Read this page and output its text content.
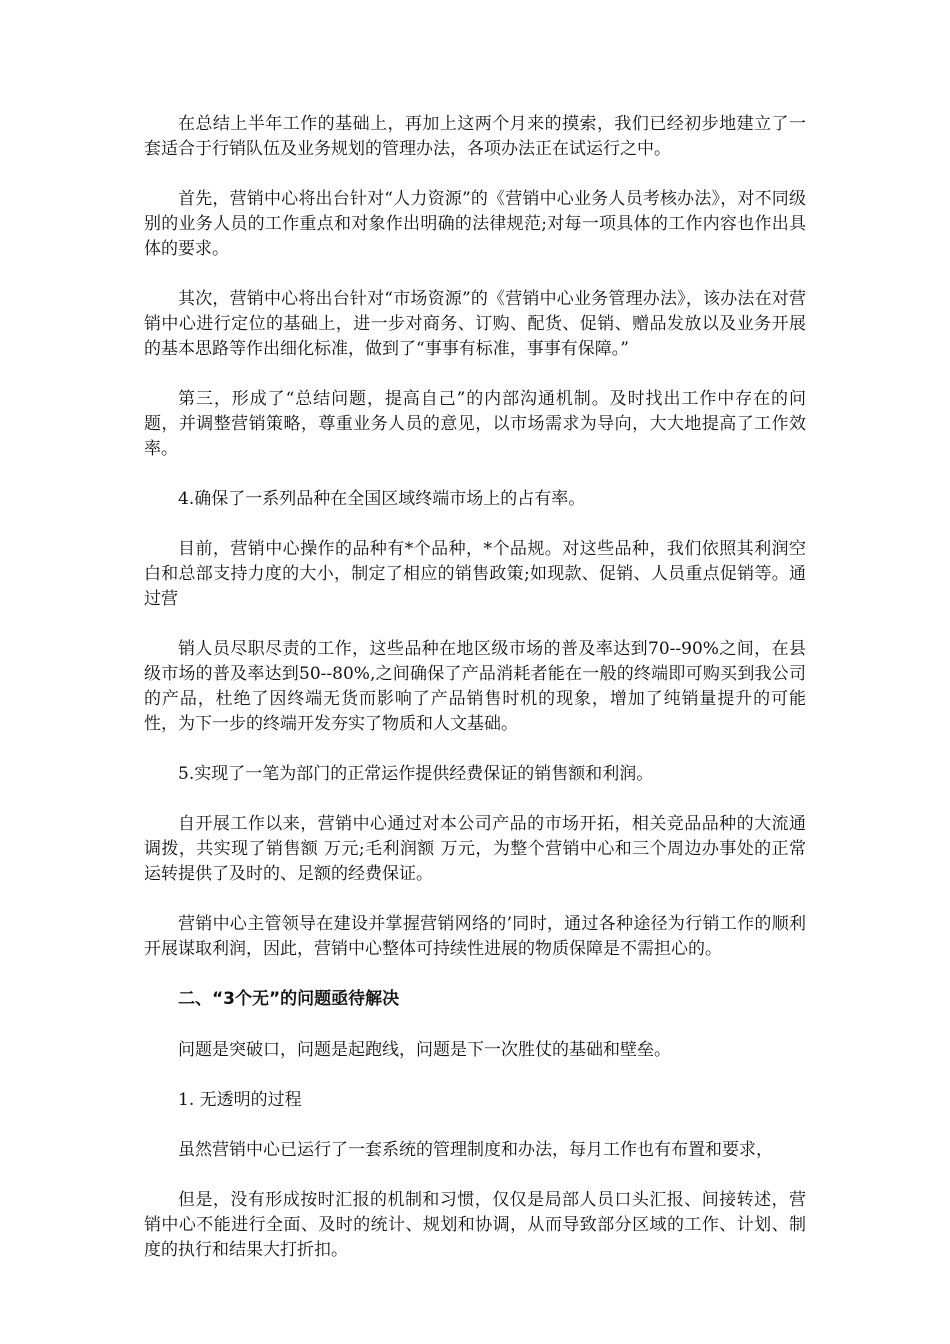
在总结上半年工作的基础上，再加上这两个月来的摸索，我们已经初步地建立了一套适合于行销队伍及业务规划的管理办法，各项办法正在试运行之中。

首先，营销中心将出台针对“人力资源”的《营销中心业务人员考核办法》，对不同级别的业务人员的工作重点和对象作出明确的法律规范;对每一项具体的工作内容也作出具体的要求。

其次，营销中心将出台针对“市场资源”的《营销中心业务管理办法》，该办法在对营销中心进行定位的基础上，进一步对商务、订购、配货、促销、赠品发放以及业务开展的基本思路等作出细化标准，做到了“事事有标准，事事有保障。”

第三，形成了“总结问题，提高自己”的内部沟通机制。及时找出工作中存在的问题，并调整营销策略，尊重业务人员的意见，以市场需求为导向，大大地提高了工作效率。

4.确保了一系列品种在全国区域终端市场上的占有率。

目前，营销中心操作的品种有*个品种，*个品规。对这些品种，我们依照其利润空白和总部支持力度的大小，制定了相应的销售政策;如现款、促销、人员重点促销等。通过营

销人员尽职尽责的工作，这些品种在地区级市场的普及率达到70--90%之间，在县级市场的普及率达到50--80%,之间确保了产品消耗者能在一般的终端即可购买到我公司的产品，杜绝了因终端无货而影响了产品销售时机的现象，增加了纯销量提升的可能性，为下一步的终端开发夯实了物质和人文基础。

5.实现了一笔为部门的正常运作提供经费保证的销售额和利润。

自开展工作以来，营销中心通过对本公司产品的市场开拓，相关竞品品种的大流通调拨，共实现了销售额 万元;毛利润额 万元，为整个营销中心和三个周边办事处的正常运转提供了及时的、足额的经费保证。

营销中心主管领导在建设并掌握营销网络的’同时，通过各种途径为行销工作的顺利开展谋取利润，因此，营销中心整体可持续性进展的物质保障是不需担心的。

二、“3个无”的问题亟待解决

问题是突破口，问题是起跑线，问题是下一次胜仗的基础和壁垒。

1. 无透明的过程

虽然营销中心已运行了一套系统的管理制度和办法，每月工作也有布置和要求，

但是，没有形成按时汇报的机制和习惯，仅仅是局部人员口头汇报、间接转述，营销中心不能进行全面、及时的统计、规划和协调，从而导致部分区域的工作、计划、制度的执行和结果大打折扣。
